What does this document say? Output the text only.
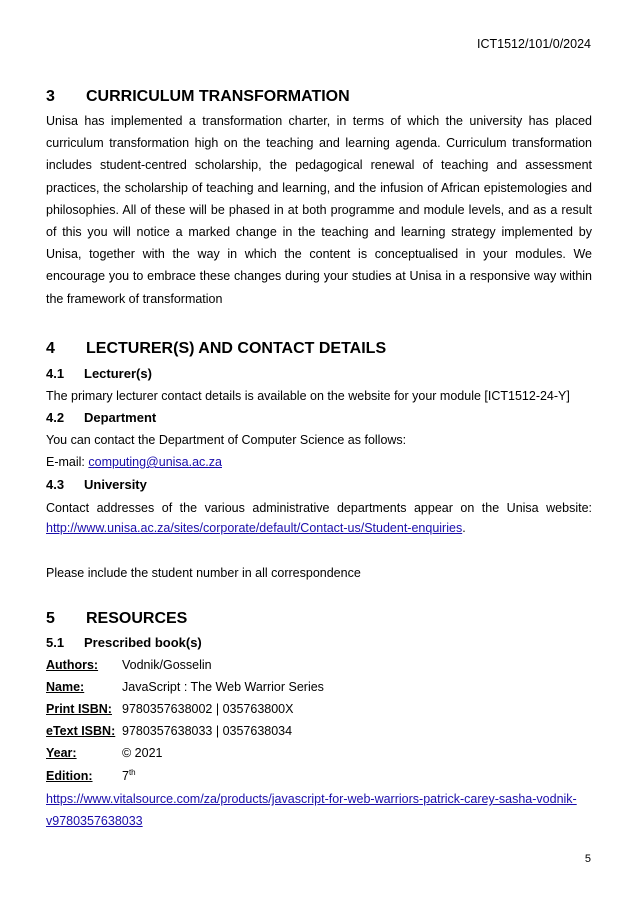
ICT1512/101/0/2024
3 CURRICULUM TRANSFORMATION

Unisa has implemented a transformation charter, in terms of which the university has placed curriculum transformation high on the teaching and learning agenda. Curriculum transformation includes student-centred scholarship, the pedagogical renewal of teaching and assessment practices, the scholarship of teaching and learning, and the infusion of African epistemologies and philosophies. All of these will be phased in at both programme and module levels, and as a result of this you will notice a marked change in the teaching and learning strategy implemented by Unisa, together with the way in which the content is conceptualised in your modules. We encourage you to embrace these changes during your studies at Unisa in a responsive way within the framework of transformation

4 LECTURER(S) AND CONTACT DETAILS
4.1 Lecturer(s)
The primary lecturer contact details is available on the website for your module [ICT1512-24-Y]
4.2 Department
You can contact the Department of Computer Science as follows:
E-mail: computing@unisa.ac.za
4.3 University

Contact addresses of the various administrative departments appear on the Unisa website:

http://www.unisa.ac.za/sites/corporate/default/Contact-us/Student-enquiries.
Please include the student number in all correspondence
5 RESOURCES
5.1 Prescribed book(s)
Authors: Vodnik/Gosselin
Name:	JavaScript : The Web Warrior Series
Print ISBN: 9780357638002 | 035763800X
eText ISBN: 9780357638033 | 0357638034
Year:	© 2021
Edition: 7th
https://www.vitalsource.com/za/products/javascript-for-web-warriors-patrick-carey-sasha-vodnik-
v9780357638033
5
